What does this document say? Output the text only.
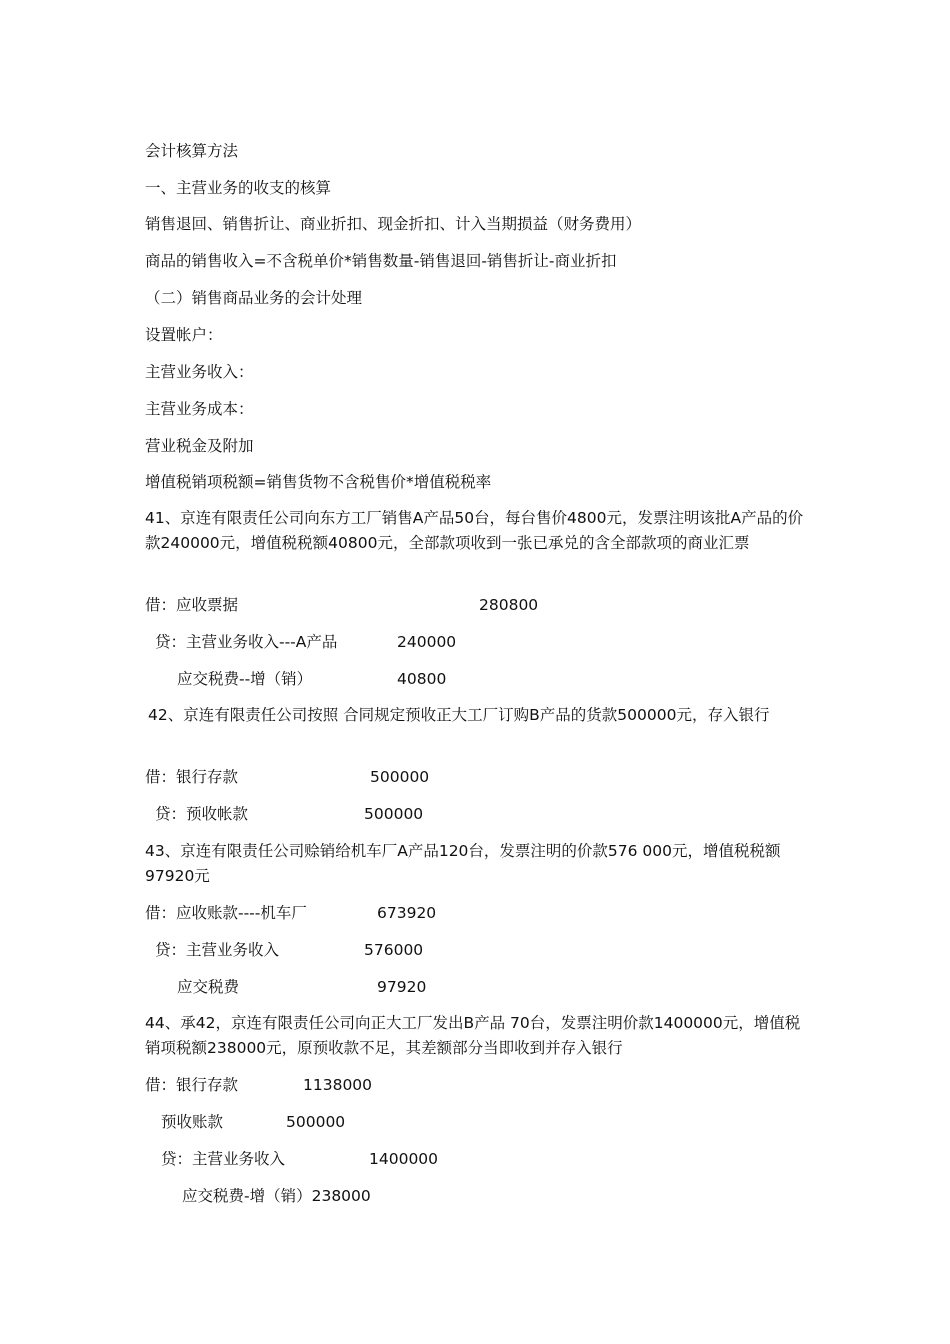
会计核算方法
一、主营业务的收支的核算
销售退回、销售折让、商业折扣、现金折扣、计入当期损益（财务费用）
商品的销售收入=不含税单价*销售数量-销售退回-销售折让-商业折扣
（二）销售商品业务的会计处理
设置帐户：
主营业务收入：
主营业务成本：
营业税金及附加
增值税销项税额=销售货物不含税售价*增值税税率
41、京连有限责任公司向东方工厂销售A产品50台，每台售价4800元，发票注明该批A产品的价款240000元，增值税税额40800元，全部款项收到一张已承兑的含全部款项的商业汇票
借：应收票据	280800
贷：主营业务收入---A产品	240000
应交税费--增（销）	40800
42、京连有限责任公司按照 合同规定预收正大工厂订购B产品的货款500000元，存入银行
借：银行存款	500000
贷：预收帐款	500000
43、京连有限责任公司赊销给机车厂A产品120台，发票注明的价款576 000元，增值税税额97920元
借：应收账款----机车厂	673920
贷：主营业务收入	576000
应交税费	97920
44、承42，京连有限责任公司向正大工厂发出B产品 70台，发票注明价款1400000元，增值税销项税额238000元，原预收款不足，其差额部分当即收到并存入银行
借：银行存款	1138000
预收账款	500000
贷：主营业务收入	1400000
应交税费-增（销）238000
